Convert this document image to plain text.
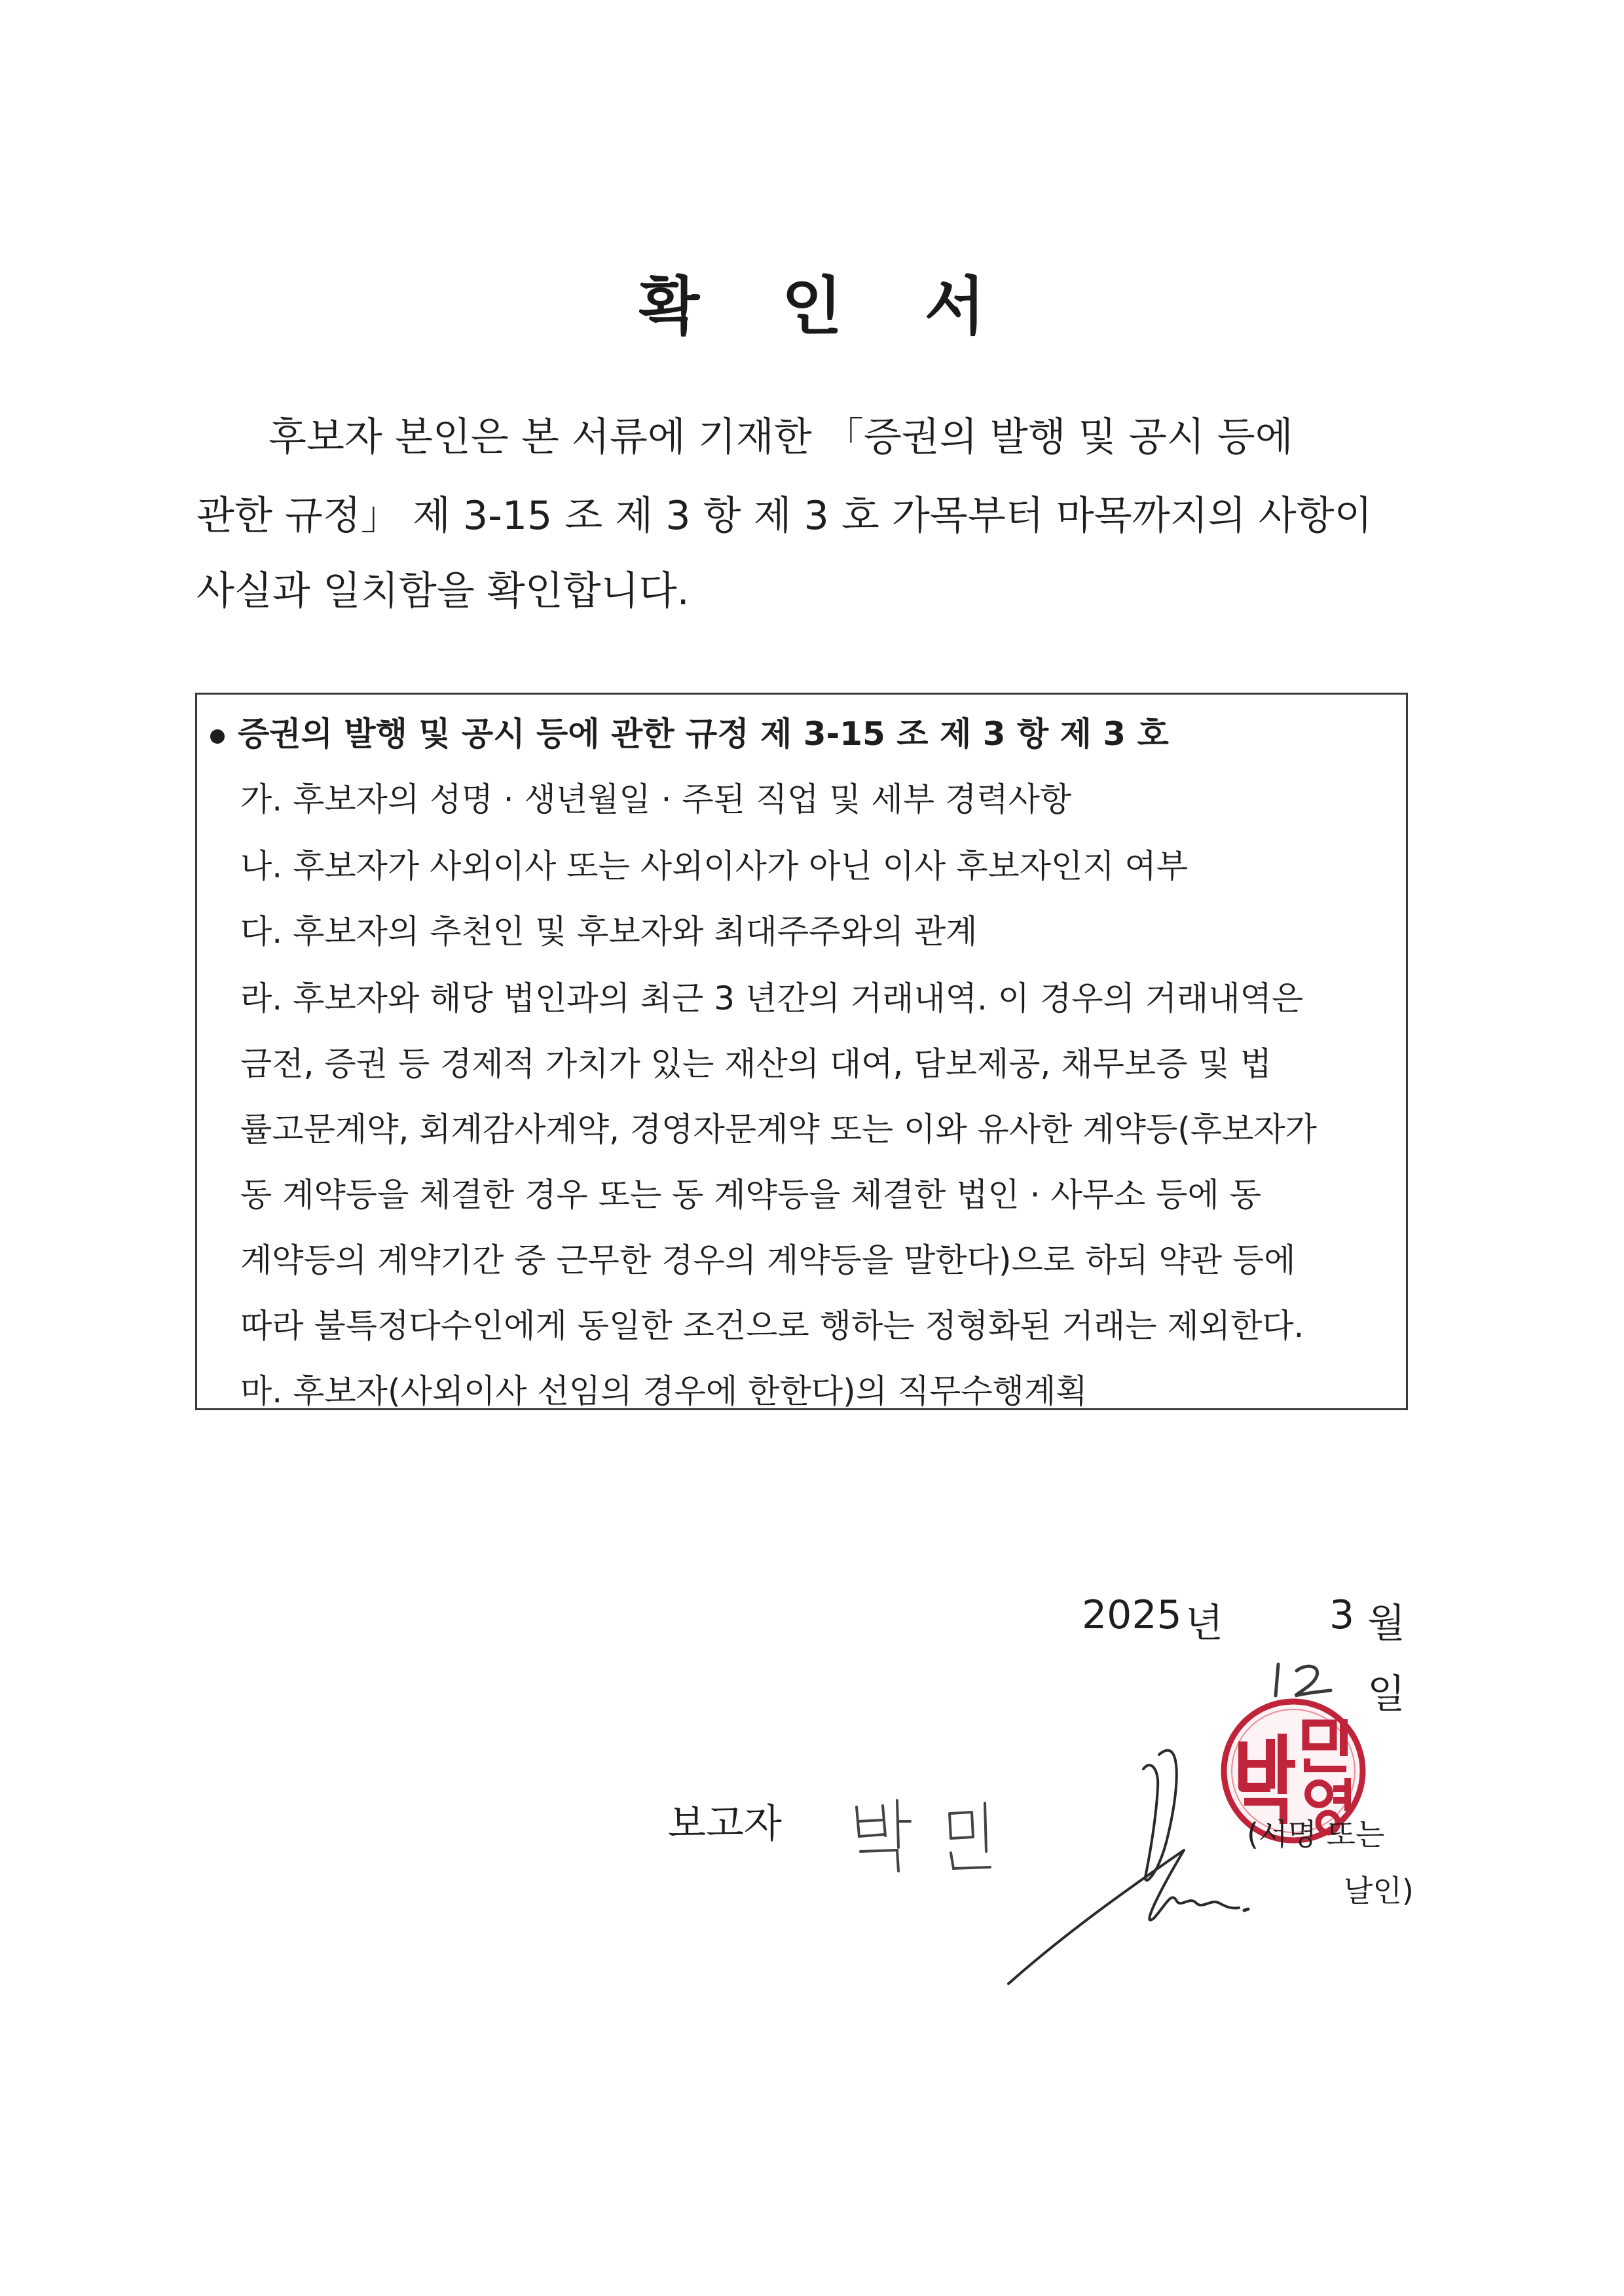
확 인 서
후보자 본인은 본 서류에 기재한 「증권의 발행 및 공시 등에
관한 규정」 제 3-15 조 제 3 항 제 3 호 가목부터 마목까지의 사항이
사실과 일치함을 확인합니다.
증권의 발행 및 공시 등에 관한 규정 제 3-15 조 제 3 항 제 3 호
가. 후보자의 성명 · 생년월일 · 주된 직업 및 세부 경력사항
나. 후보자가 사외이사 또는 사외이사가 아닌 이사 후보자인지 여부
다. 후보자의 추천인 및 후보자와 최대주주와의 관계
라. 후보자와 해당 법인과의 최근 3 년간의 거래내역. 이 경우의 거래내역은
금전, 증권 등 경제적 가치가 있는 재산의 대여, 담보제공, 채무보증 및 법
률고문계약, 회계감사계약, 경영자문계약 또는 이와 유사한 계약등(후보자가
동 계약등을 체결한 경우 또는 동 계약등을 체결한 법인 · 사무소 등에 동
계약등의 계약기간 중 근무한 경우의 계약등을 말한다)으로 하되 약관 등에
따라 불특정다수인에게 동일한 조건으로 행하는 정형화된 거래는 제외한다.
마. 후보자(사외이사 선임의 경우에 한한다)의 직무수행계획
2025 년	3 월
일
보고자	(서명 또는
날인)
